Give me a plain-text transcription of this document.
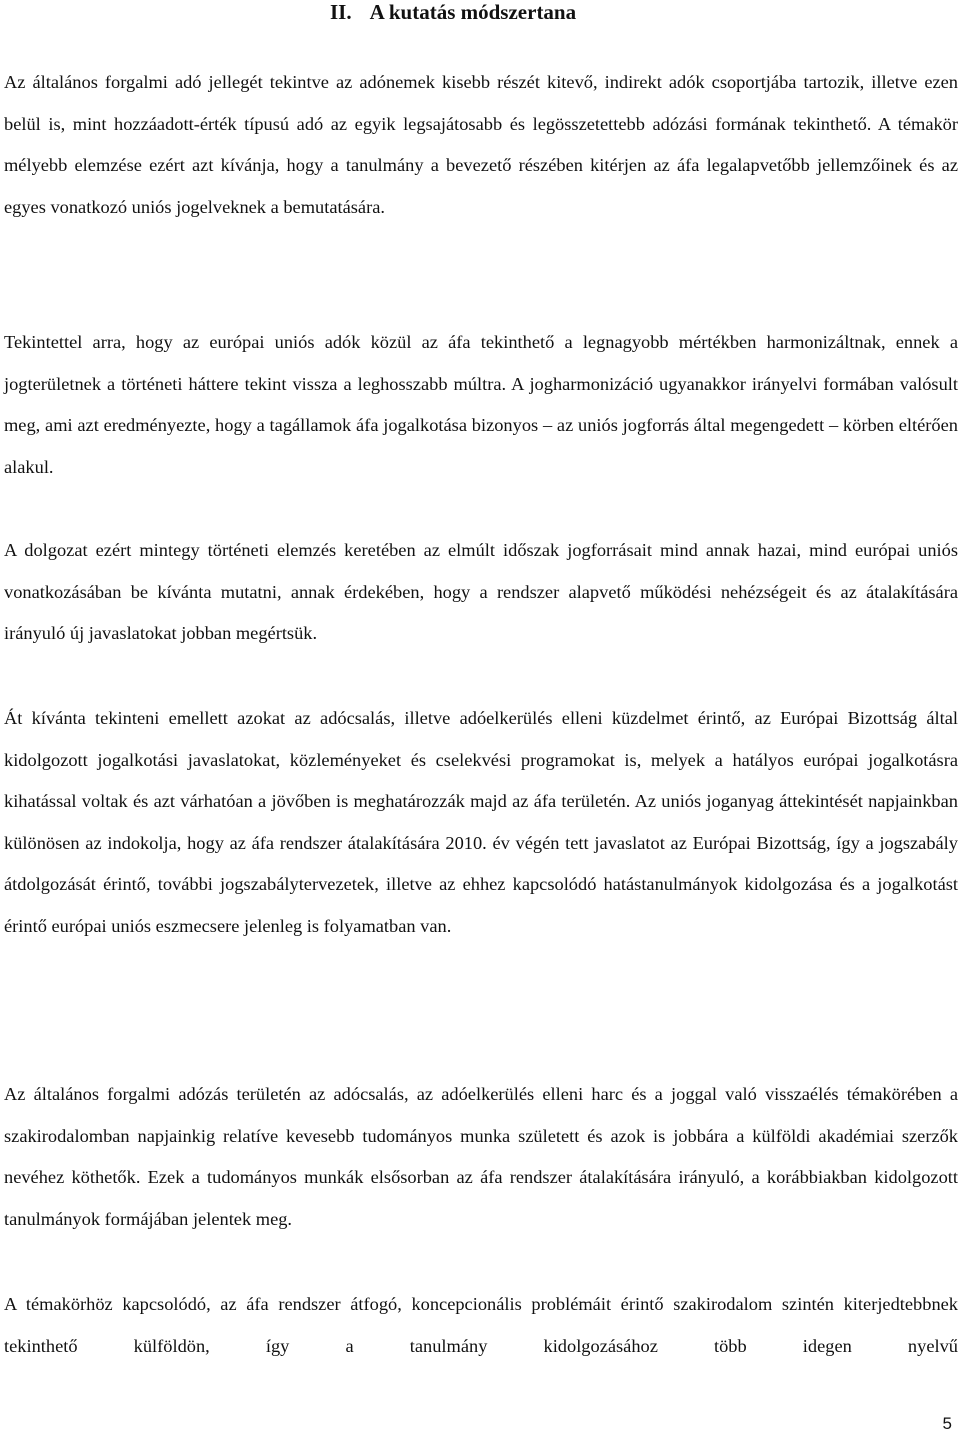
II. A kutatás módszertana

Az általános forgalmi adó jellegét tekintve az adónemek kisebb részét kitevő, indirekt adók csoportjába tartozik, illetve ezen belül is, mint hozzáadott-érték típusú adó az egyik legsajátosabb és legösszetettebb adózási formának tekinthető. A témakör mélyebb elemzése ezért azt kívánja, hogy a tanulmány a bevezető részében kitérjen az áfa legalapvetőbb jellemzőinek és az egyes vonatkozó uniós jogelveknek a bemutatására.

Tekintettel arra, hogy az európai uniós adók közül az áfa tekinthető a legnagyobb mértékben harmonizáltnak, ennek a jogterületnek a történeti háttere tekint vissza a leghosszabb múltra. A jogharmonizáció ugyanakkor irányelvi formában valósult meg, ami azt eredményezte, hogy a tagállamok áfa jogalkotása bizonyos – az uniós jogforrás által megengedett – körben eltérően alakul.

A dolgozat ezért mintegy történeti elemzés keretében az elmúlt időszak jogforrásait mind annak hazai, mind európai uniós vonatkozásában be kívánta mutatni, annak érdekében, hogy a rendszer alapvető működési nehézségeit és az átalakítására irányuló új javaslatokat jobban megértsük.

Át kívánta tekinteni emellett azokat az adócsalás, illetve adóelkerülés elleni küzdelmet érintő, az Európai Bizottság által kidolgozott jogalkotási javaslatokat, közleményeket és cselekvési programokat is, melyek a hatályos európai jogalkotásra kihatással voltak és azt várhatóan a jövőben is meghatározzák majd az áfa területén. Az uniós joganyag áttekintését napjainkban különösen az indokolja, hogy az áfa rendszer átalakítására 2010. év végén tett javaslatot az Európai Bizottság, így a jogszabály átdolgozását érintő, további jogszabálytervezetek, illetve az ehhez kapcsolódó hatástanulmányok kidolgozása és a jogalkotást érintő európai uniós eszmecsere jelenleg is folyamatban van.

Az általános forgalmi adózás területén az adócsalás, az adóelkerülés elleni harc és a joggal való visszaélés témakörében a szakirodalomban napjainkig relatíve kevesebb tudományos munka született és azok is jobbára a külföldi akadémiai szerzők nevéhez köthetők. Ezek a tudományos munkák elsősorban az áfa rendszer átalakítására irányuló, a korábbiakban kidolgozott tanulmányok formájában jelentek meg.

A témakörhöz kapcsolódó, az áfa rendszer átfogó, koncepcionális problémáit érintő szakirodalom szintén kiterjedtebbnek tekinthető külföldön, így a tanulmány kidolgozásához több idegen nyelvű

5
